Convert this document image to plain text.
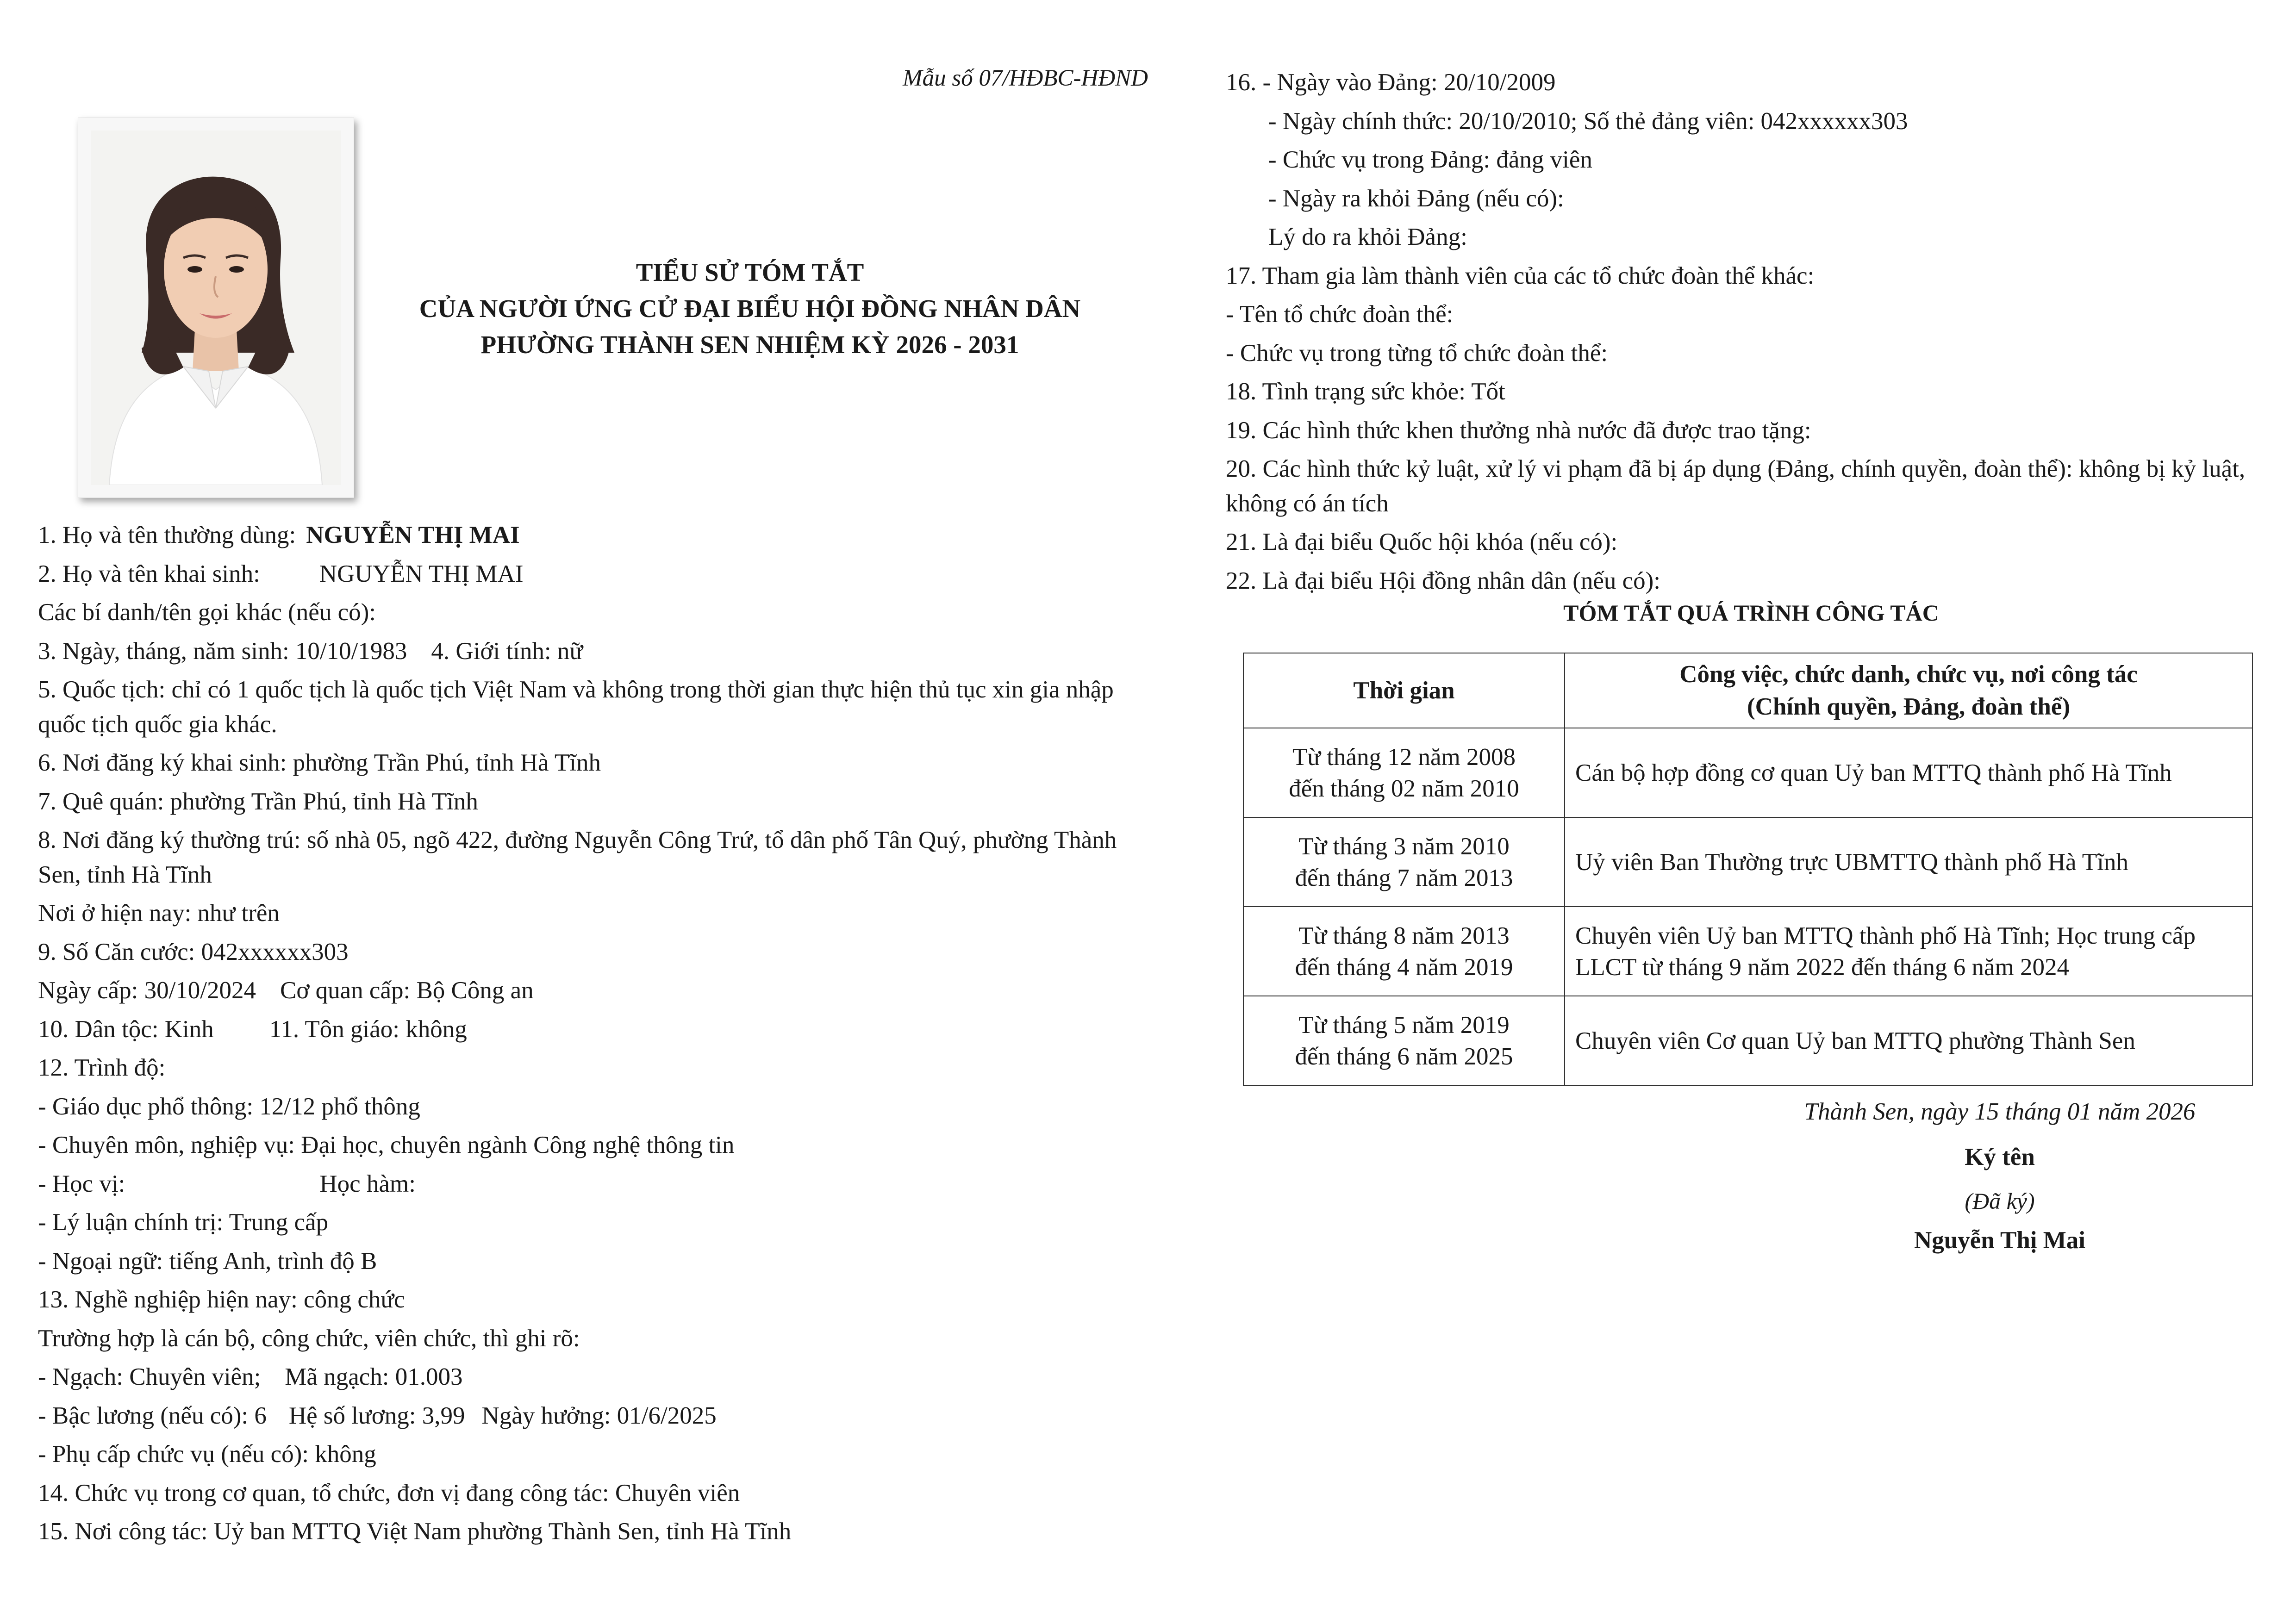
Mẫu số 07/HĐBC-HĐND
TIỂU SỬ TÓM TẮT
CỦA NGƯỜI ỨNG CỬ ĐẠI BIỂU HỘI ĐỒNG NHÂN DÂN
PHƯỜNG THÀNH SEN NHIỆM KỲ 2026 - 2031
1. Họ và tên thường dùng: NGUYỄN THỊ MAI
2. Họ và tên khai sinh: NGUYỄN THỊ MAI
Các bí danh/tên gọi khác (nếu có):
3. Ngày, tháng, năm sinh: 10/10/1983 4. Giới tính: nữ
5. Quốc tịch: chỉ có 1 quốc tịch là quốc tịch Việt Nam và không trong thời gian thực hiện thủ tục xin gia nhập quốc tịch quốc gia khác.
6. Nơi đăng ký khai sinh: phường Trần Phú, tỉnh Hà Tĩnh
7. Quê quán: phường Trần Phú, tỉnh Hà Tĩnh
8. Nơi đăng ký thường trú: số nhà 05, ngõ 422, đường Nguyễn Công Trứ, tổ dân phố Tân Quý, phường Thành Sen, tỉnh Hà Tĩnh
Nơi ở hiện nay: như trên
9. Số Căn cước: 042xxxxxx303
Ngày cấp: 30/10/2024 Cơ quan cấp: Bộ Công an
10. Dân tộc: Kinh 11. Tôn giáo: không
12. Trình độ:
- Giáo dục phổ thông: 12/12 phổ thông
- Chuyên môn, nghiệp vụ: Đại học, chuyên ngành Công nghệ thông tin
- Học vị:	Học hàm:
- Lý luận chính trị: Trung cấp
- Ngoại ngữ: tiếng Anh, trình độ B
13. Nghề nghiệp hiện nay: công chức
Trường hợp là cán bộ, công chức, viên chức, thì ghi rõ:
- Ngạch: Chuyên viên; Mã ngạch: 01.003
- Bậc lương (nếu có): 6 Hệ số lương: 3,99 Ngày hưởng: 01/6/2025
- Phụ cấp chức vụ (nếu có): không
14. Chức vụ trong cơ quan, tổ chức, đơn vị đang công tác: Chuyên viên
15. Nơi công tác: Uỷ ban MTTQ Việt Nam phường Thành Sen, tỉnh Hà Tĩnh
16. - Ngày vào Đảng: 20/10/2009
- Ngày chính thức: 20/10/2010; Số thẻ đảng viên: 042xxxxxx303
- Chức vụ trong Đảng: đảng viên
- Ngày ra khỏi Đảng (nếu có):
Lý do ra khỏi Đảng:
17. Tham gia làm thành viên của các tổ chức đoàn thể khác:
- Tên tổ chức đoàn thể:
- Chức vụ trong từng tổ chức đoàn thể:
18. Tình trạng sức khỏe: Tốt
19. Các hình thức khen thưởng nhà nước đã được trao tặng:
20. Các hình thức kỷ luật, xử lý vi phạm đã bị áp dụng (Đảng, chính quyền, đoàn thể): không bị kỷ luật, không có án tích
21. Là đại biểu Quốc hội khóa (nếu có):
22. Là đại biểu Hội đồng nhân dân (nếu có):
TÓM TẮT QUÁ TRÌNH CÔNG TÁC
Thời gian	Công việc, chức danh, chức vụ, nơi công tác
(Chính quyền, Đảng, đoàn thể)

Từ tháng 12 năm 2008
đến tháng 02 năm 2010	Cán bộ hợp đồng cơ quan Uỷ ban MTTQ thành phố Hà Tĩnh

Từ tháng 3 năm 2010
đến tháng 7 năm 2013	Uỷ viên Ban Thường trực UBMTTQ thành phố Hà Tĩnh

Từ tháng 8 năm 2013
đến tháng 4 năm 2019	Chuyên viên Uỷ ban MTTQ thành phố Hà Tĩnh; Học trung cấp LLCT từ tháng 9 năm 2022 đến tháng 6 năm 2024

Từ tháng 5 năm 2019
đến tháng 6 năm 2025	Chuyên viên Cơ quan Uỷ ban MTTQ phường Thành Sen
Thành Sen, ngày 15 tháng 01 năm 2026
Ký tên
(Đã ký)
Nguyễn Thị Mai
